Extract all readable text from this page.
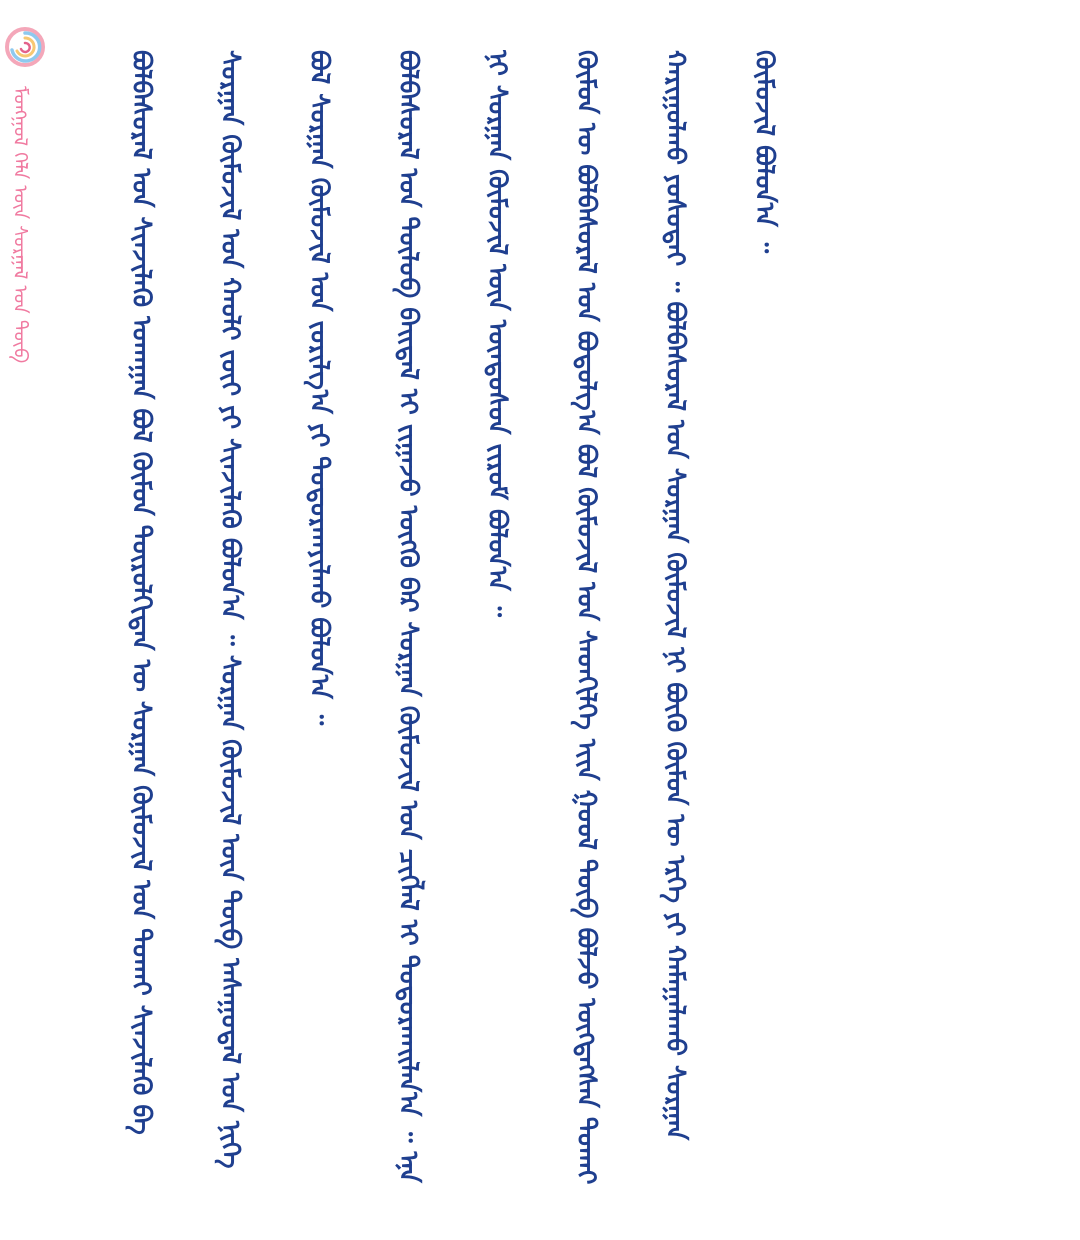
ᠮᠣᠩᠭᠣᠯ ᠬᠡᠯᠡ ᠦᠨ ᠰᠤᠷᠭᠠᠯ ᠤᠨ ᠲᠥᠪ	ᠪᠤᠯᠪᠠᠰᠤᠷᠠᠯ ᠤᠨ ᠰᠢᠨᠵᠢᠯᠡᠬᠦ ᠤᠬᠠᠭᠠᠨ ᠪᠣᠯ ᠬᠦᠮᠦᠨ ᠲᠥᠷᠥᠯᠬᠢᠲᠡᠨ ᠦ ᠰᠤᠷᠭᠠᠨ ᠬᠥᠮᠦᠵᠢᠯ ᠤᠨ ᠲᠤᠬᠠᠢ ᠰᠢᠨᠵᠢᠯᠡᠬᠦ ᠪᠠ ᠰᠤᠷᠭᠠᠨ ᠬᠥᠮᠦᠵᠢᠯ ᠤᠨ ᠬᠠᠤᠯᠢ ᠵᠦᠢ ᠶᠢ ᠰᠢᠨᠵᠢᠯᠡᠬᠦ ᠪᠣᠯᠤᠨ᠎ᠠ ᠃ ᠰᠤᠷᠭᠠᠨ ᠬᠥᠮᠦᠵᠢᠯ ᠦᠨ ᠲᠥᠪ ᠠᠰᠠᠭᠤᠳᠠᠯ ᠤᠨ ᠨᠢᠭᠡ ᠪᠣᠯ ᠰᠤᠷᠭᠠᠨ ᠬᠥᠮᠦᠵᠢᠯ ᠤᠨ ᠵᠣᠷᠢᠯᠭ᠎ᠠ ᠶᠢ ᠲᠣᠳᠤᠷᠬᠠᠶᠢᠯᠬᠤ ᠪᠤᠯᠤᠨ᠎ᠠ ᠃	ᠪᠤᠯᠪᠠᠰᠤᠷᠠᠯ ᠤᠨ ᠲᠥᠯᠥᠪ ᠪᠠᠢᠳᠠᠯ ᠢ ᠵᠢᠭᠠᠵᠤ ᠥᠭᠬᠦ ᠪᠡᠷ ᠰᠤᠷᠭᠠᠨ ᠬᠥᠮᠦᠵᠢᠯ ᠤᠨ ᠴᠢᠭᠯᠡᠯ ᠢ ᠲᠣᠳᠤᠷᠬᠠᠢᠯᠠᠨ᠎ᠠ ᠃ ᠡᠨᠡ ᠨᠢ ᠰᠤᠷᠭᠠᠨ ᠬᠥᠮᠦᠵᠢᠯ ᠦᠨ ᠦᠨᠳᠦᠰᠦᠨ ᠵᠢᠷᠤᠮ ᠪᠤᠯᠤᠨ᠎ᠠ ᠃	ᠬᠦᠮᠦᠨ ᠦ ᠪᠤᠯᠪᠠᠰᠤᠷᠠᠯ ᠤᠨ ᠪᠣᠳᠤᠯᠭ᠎ᠠ ᠪᠣᠯ ᠬᠦᠮᠦᠵᠢᠯ ᠤᠨ ᠰᠡᠳᠬᠢᠯᠭᠡ ᠢᠢᠨ ᠭᠣᠣᠯ ᠲᠥᠪ ᠪᠣᠯᠵᠤ ᠥᠭᠳᠡᠭᠰᠡᠨ ᠲᠤᠬᠠᠢ ᠬᠠᠷᠢᠭᠤᠯᠬᠤ ᠶᠣᠰᠤᠲᠠᠢ ᠃ ᠪᠤᠯᠪᠠᠰᠤᠷᠠᠯ ᠤᠨ ᠰᠤᠷᠭᠠᠨ ᠬᠥᠮᠦᠵᠢᠯ ᠨᠢ ᠪᠦᠬᠦ ᠬᠦᠮᠦᠨ ᠦ ᠡᠷᠬᠡ ᠶᠢ ᠬᠠᠮᠠᠭᠠᠯᠠᠬᠤ ᠰᠤᠷᠭᠠᠨ ᠬᠥᠮᠦᠵᠢᠯ ᠪᠣᠯᠤᠨ᠎ᠠ ᠃
